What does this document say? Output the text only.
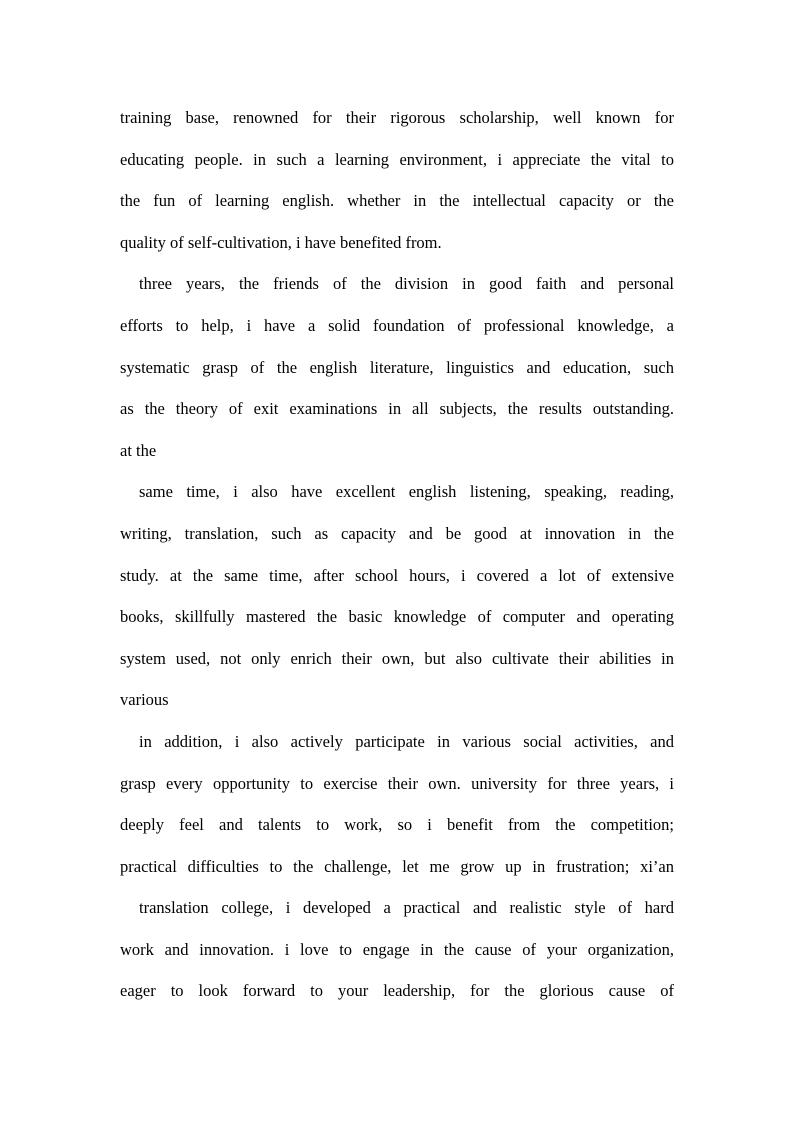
training base, renowned for their rigorous scholarship, well known for
educating people. in such a learning environment, i appreciate the vital to
the fun of learning english. whether in the intellectual capacity or the
quality of self-cultivation, i have benefited from.
three years, the friends of the division in good faith and personal
efforts to help, i have a solid foundation of professional knowledge, a
systematic grasp of the english literature, linguistics and education, such
as the theory of exit examinations in all subjects, the results outstanding.
at the
same time, i also have excellent english listening, speaking, reading,
writing, translation, such as capacity and be good at innovation in the
study. at the same time, after school hours, i covered a lot of extensive
books, skillfully mastered the basic knowledge of computer and operating
system used, not only enrich their own, but also cultivate their abilities in
various
in addition, i also actively participate in various social activities, and
grasp every opportunity to exercise their own. university for three years, i
deeply feel and talents to work, so i benefit from the competition;
practical difficulties to the challenge, let me grow up in frustration; xi’an
translation college, i developed a practical and realistic style of hard
work and innovation. i love to engage in the cause of your organization,
eager to look forward to your leadership, for the glorious cause of
